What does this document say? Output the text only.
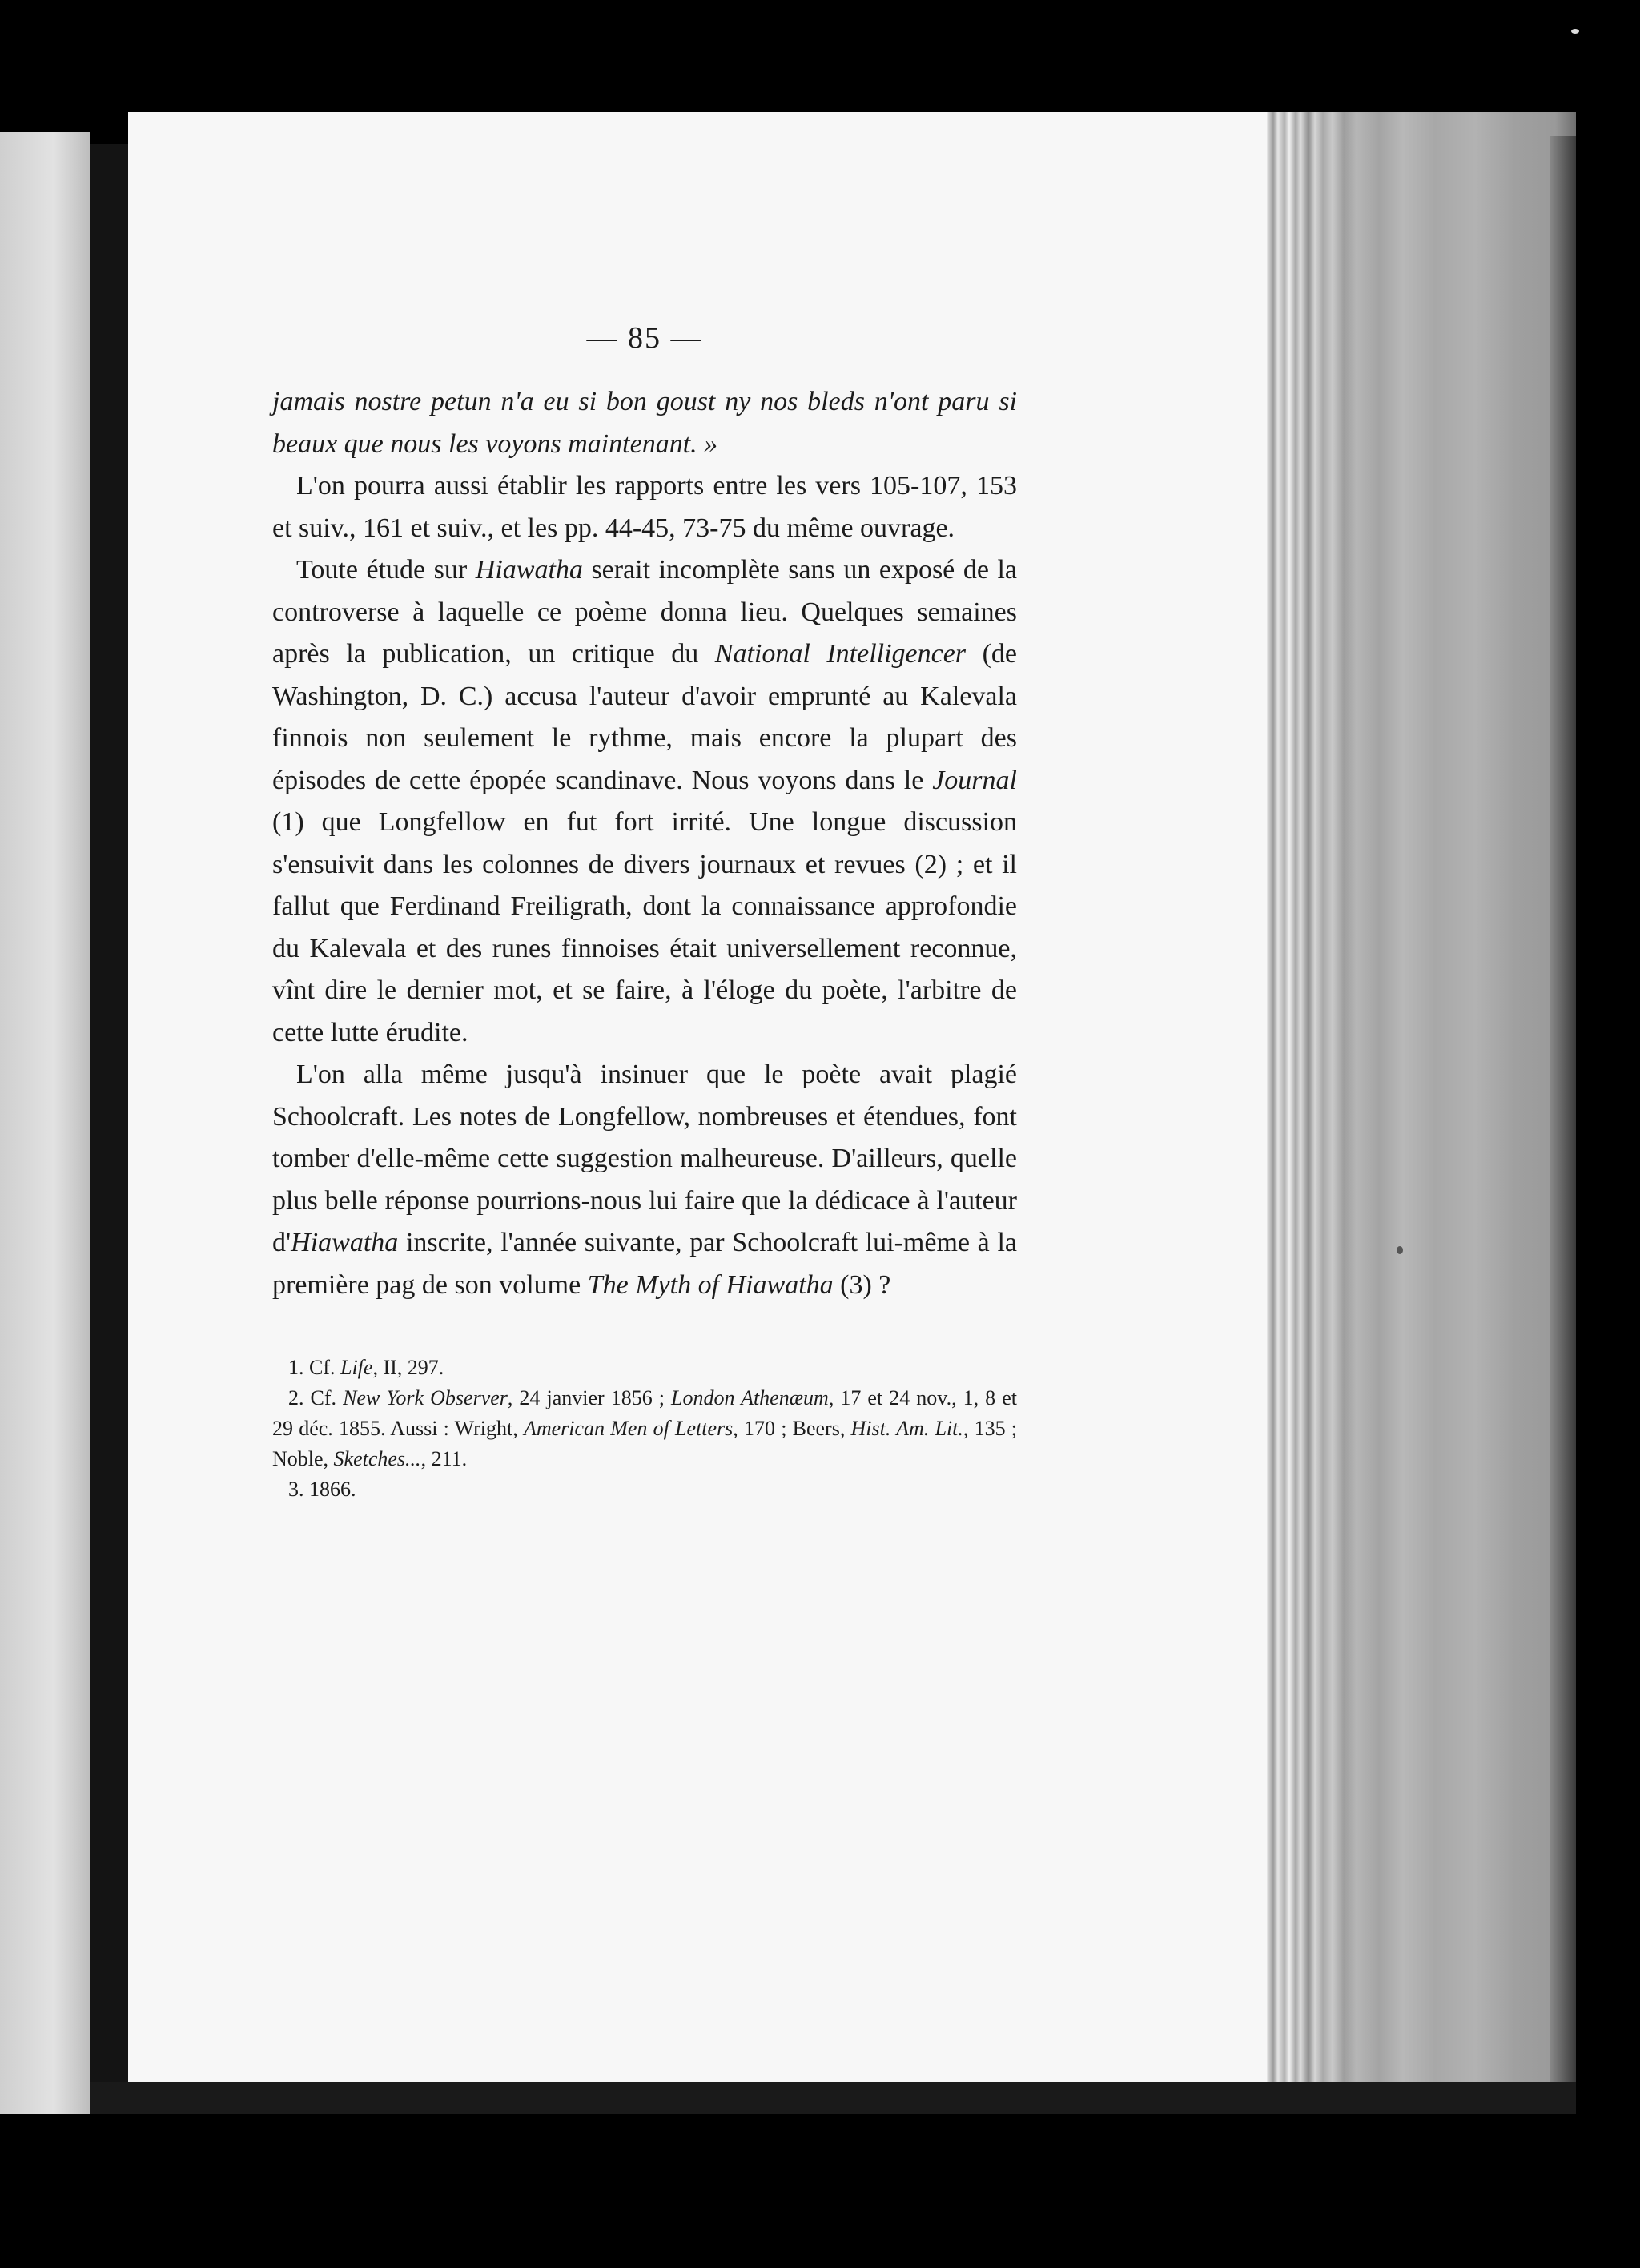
— 85 —

jamais nostre petun n'a eu si bon goust ny nos bleds n'ont paru si beaux que nous les voyons maintenant. »

L'on pourra aussi établir les rapports entre les vers 105-107, 153 et suiv., 161 et suiv., et les pp. 44-45, 73-75 du même ouvrage.

Toute étude sur Hiawatha serait incomplète sans un exposé de la controverse à laquelle ce poème donna lieu. Quelques semaines après la publication, un critique du National Intelligencer (de Washington, D. C.) accusa l'auteur d'avoir emprunté au Kalevala finnois non seulement le rythme, mais encore la plupart des épisodes de cette épopée scandinave. Nous voyons dans le Journal (1) que Longfellow en fut fort irrité. Une longue discussion s'ensuivit dans les colonnes de divers journaux et revues (2) ; et il fallut que Ferdinand Freiligrath, dont la connaissance approfondie du Kalevala et des runes finnoises était universellement reconnue, vînt dire le dernier mot, et se faire, à l'éloge du poète, l'arbitre de cette lutte érudite.

L'on alla même jusqu'à insinuer que le poète avait plagié Schoolcraft. Les notes de Longfellow, nombreuses et étendues, font tomber d'elle-même cette suggestion malheureuse. D'ailleurs, quelle plus belle réponse pourrions-nous lui faire que la dédicace à l'auteur d'Hiawatha inscrite, l'année suivante, par Schoolcraft lui-même à la première pag de son volume The Myth of Hiawatha (3) ?

1. Cf. Life, II, 297.

2. Cf. New York Observer, 24 janvier 1856 ; London Athenæum, 17 et 24 nov., 1, 8 et 29 déc. 1855. Aussi : Wright, American Men of Letters, 170 ; Beers, Hist. Am. Lit., 135 ; Noble, Sketches..., 211.

3. 1866.
